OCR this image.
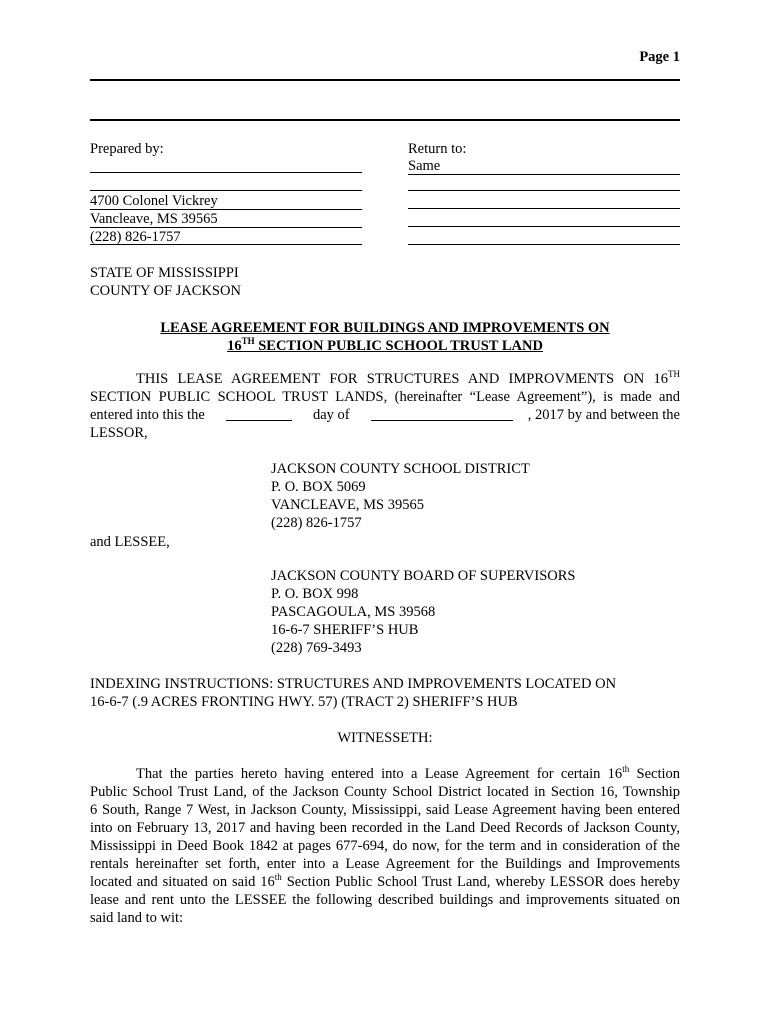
Page 1
Prepared by:
4700 Colonel Vickrey
Vancleave, MS 39565
(228) 826-1757
Return to:
Same
STATE OF MISSISSIPPI
COUNTY OF JACKSON
LEASE AGREEMENT FOR BUILDINGS AND IMPROVEMENTS ON
16TH SECTION PUBLIC SCHOOL TRUST LAND
THIS LEASE AGREEMENT FOR STRUCTURES AND IMPROVMENTS ON 16TH
SECTION PUBLIC SCHOOL TRUST LANDS, (hereinafter “Lease Agreement”), is made and
entered into this the	day of	, 2017 by and between the
LESSOR,
JACKSON COUNTY SCHOOL DISTRICT
P. O. BOX 5069
VANCLEAVE, MS 39565
(228) 826-1757
and LESSEE,
JACKSON COUNTY BOARD OF SUPERVISORS
P. O. BOX 998
PASCAGOULA, MS 39568
16-6-7 SHERIFF’S HUB
(228) 769-3493
INDEXING INSTRUCTIONS: STRUCTURES AND IMPROVEMENTS LOCATED ON
16-6-7 (.9 ACRES FRONTING HWY. 57) (TRACT 2) SHERIFF’S HUB
WITNESSETH:
That the parties hereto having entered into a Lease Agreement for certain 16th Section
Public School Trust Land, of the Jackson County School District located in Section 16, Township
6 South, Range 7 West, in Jackson County, Mississippi, said Lease Agreement having been entered
into on February 13, 2017 and having been recorded in the Land Deed Records of Jackson County,
Mississippi in Deed Book 1842 at pages 677-694, do now, for the term and in consideration of the
rentals hereinafter set forth, enter into a Lease Agreement for the Buildings and Improvements
located and situated on said 16th Section Public School Trust Land, whereby LESSOR does hereby
lease and rent unto the LESSEE the following described buildings and improvements situated on
said land to wit:
